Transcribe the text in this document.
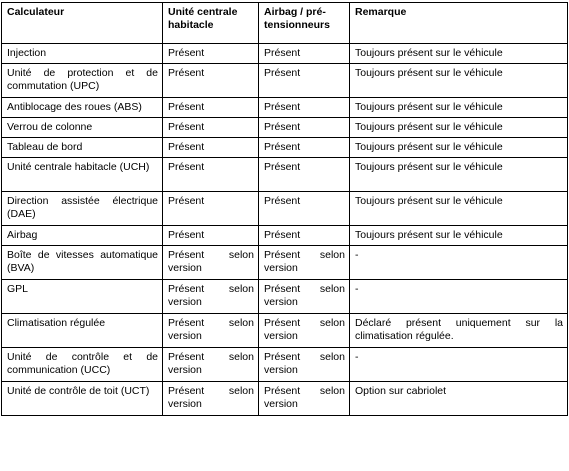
Calculateur	Unité centrale habitacle	Airbag / pré-tensionneurs	Remarque
Injection	Présent	Présent	Toujours présent sur le véhicule
Unité de protection et de commutation (UPC)	Présent	Présent	Toujours présent sur le véhicule
Antiblocage des roues (ABS)	Présent	Présent	Toujours présent sur le véhicule
Verrou de colonne	Présent	Présent	Toujours présent sur le véhicule
Tableau de bord	Présent	Présent	Toujours présent sur le véhicule
Unité centrale habitacle (UCH)	Présent	Présent	Toujours présent sur le véhicule
Direction assistée électrique (DAE)	Présent	Présent	Toujours présent sur le véhicule
Airbag	Présent	Présent	Toujours présent sur le véhicule
Boîte de vitesses automatique (BVA)	Présent selon version	Présent selon version	-
GPL	Présent selon version	Présent selon version	-
Climatisation régulée	Présent selon version	Présent selon version	Déclaré présent uniquement sur la climatisation régulée.
Unité de contrôle et de communication (UCC)	Présent selon version	Présent selon version	-
Unité de contrôle de toit (UCT)	Présent selon version	Présent selon version	Option sur cabriolet
